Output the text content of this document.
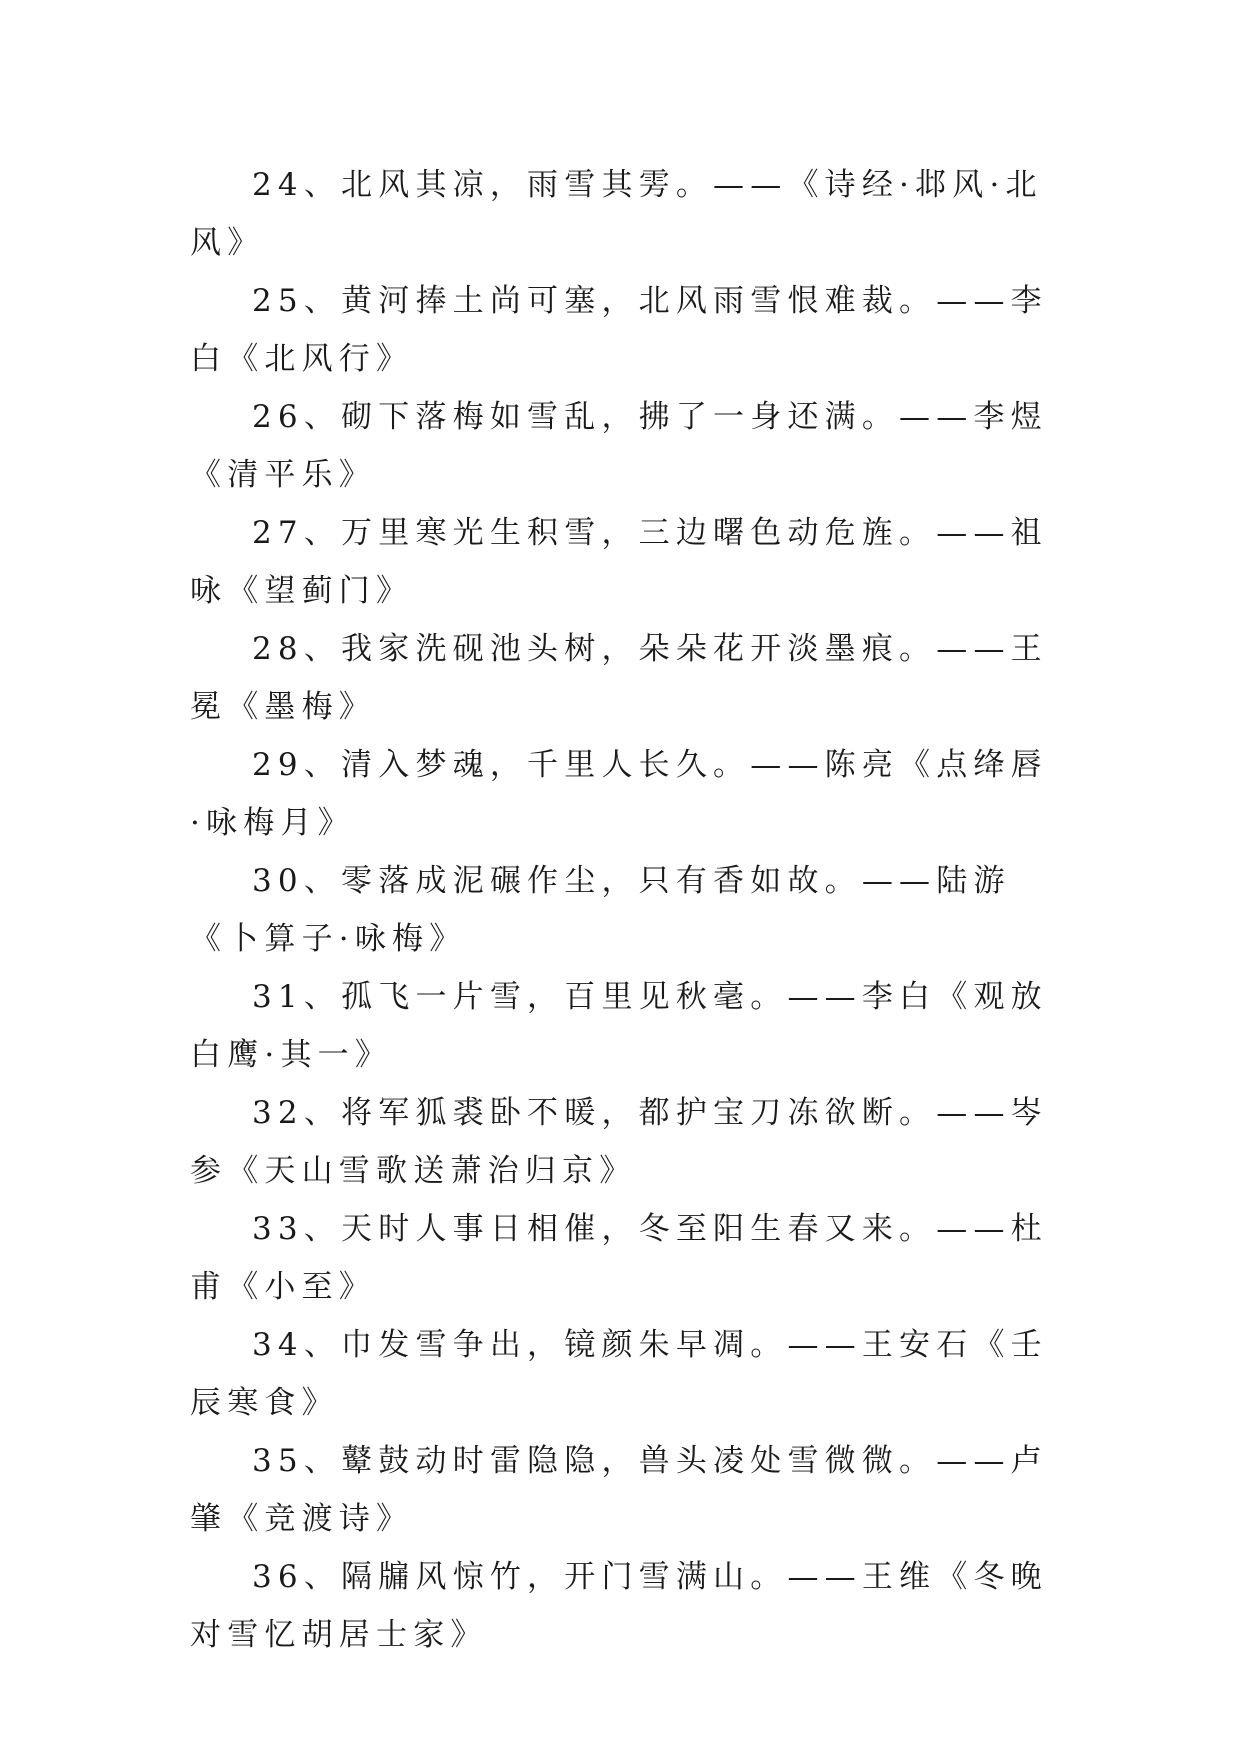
24、北风其凉，雨雪其雱。——《诗经·邶风·北风》

25、黄河捧土尚可塞，北风雨雪恨难裁。——李白《北风行》

26、砌下落梅如雪乱，拂了一身还满。——李煜《清平乐》

27、万里寒光生积雪，三边曙色动危旌。——祖咏《望蓟门》

28、我家洗砚池头树，朵朵花开淡墨痕。——王冕《墨梅》

29、清入梦魂，千里人长久。——陈亮《点绛唇·咏梅月》

30、零落成泥碾作尘，只有香如故。——陆游《卜算子·咏梅》

31、孤飞一片雪，百里见秋毫。——李白《观放白鹰·其一》

32、将军狐裘卧不暖，都护宝刀冻欲断。——岑参《天山雪歌送萧治归京》

33、天时人事日相催，冬至阳生春又来。——杜甫《小至》

34、巾发雪争出，镜颜朱早凋。——王安石《壬辰寒食》

35、鼙鼓动时雷隐隐，兽头凌处雪微微。——卢肇《竞渡诗》

36、隔牖风惊竹，开门雪满山。——王维《冬晚对雪忆胡居士家》
